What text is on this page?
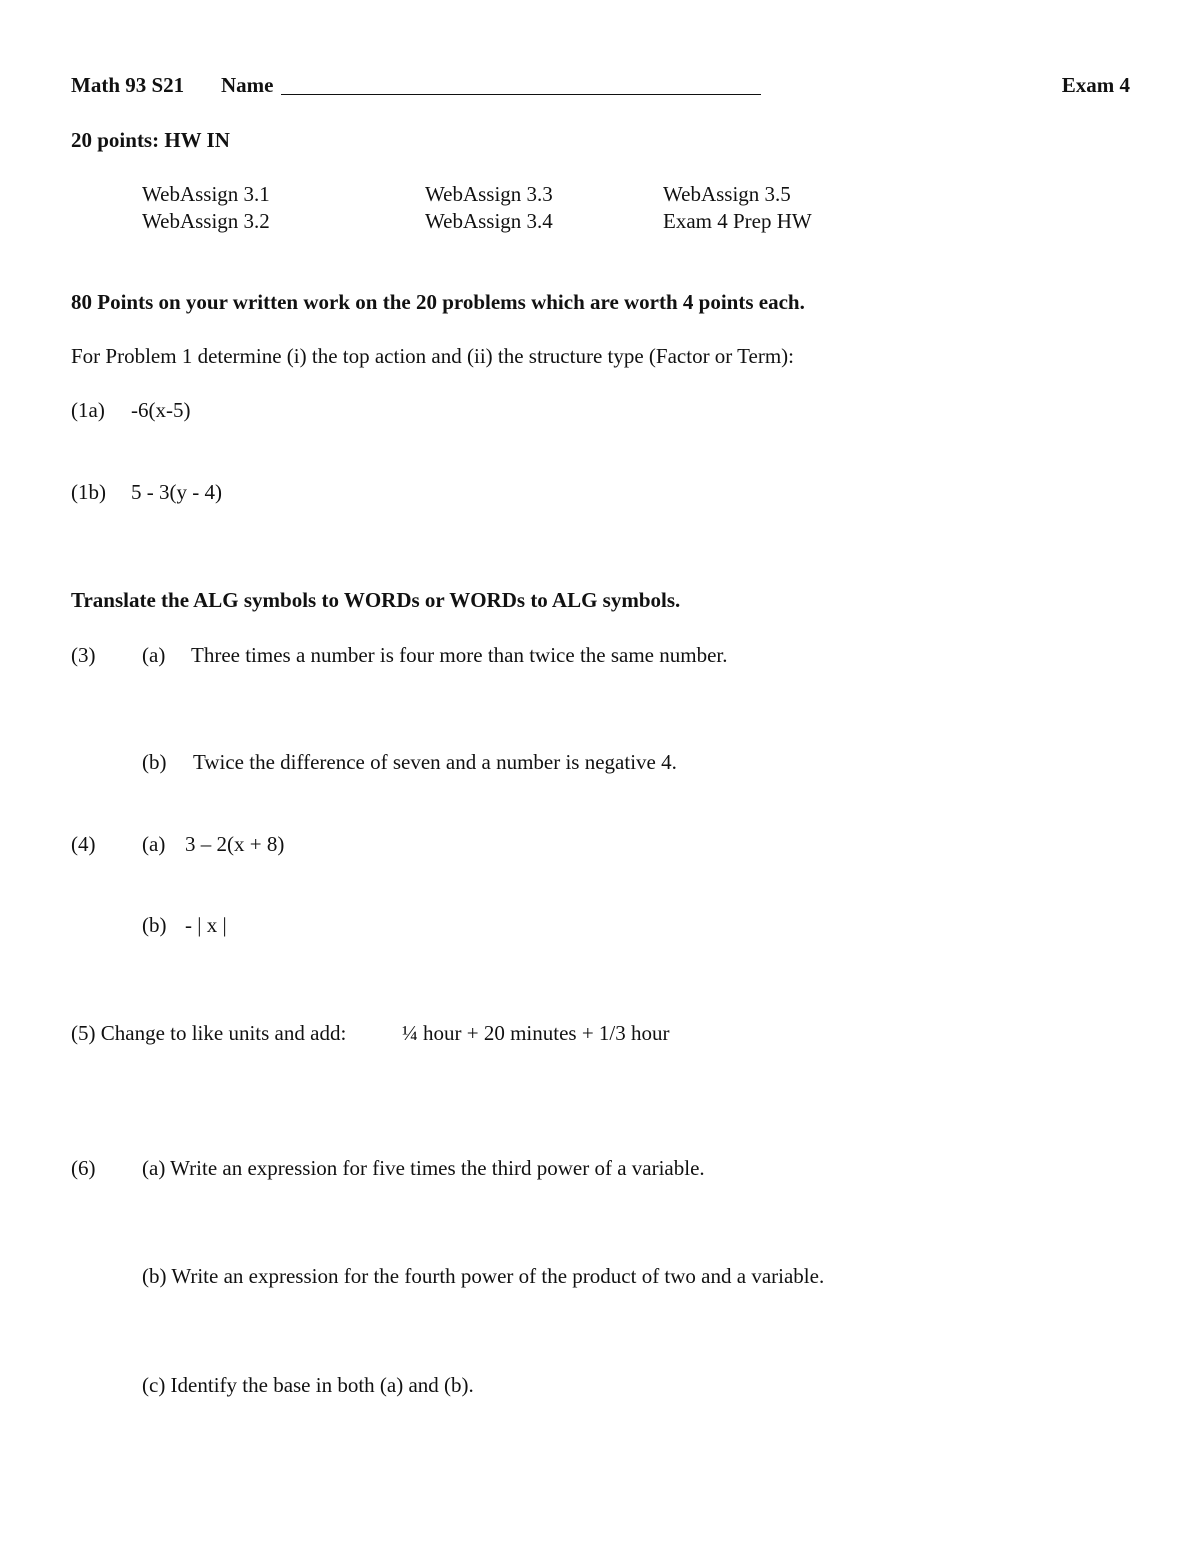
Math 93 S21 Name	Exam 4
20 points: HW IN
WebAssign 3.1
WebAssign 3.2
WebAssign 3.3
WebAssign 3.4
WebAssign 3.5
Exam 4 Prep HW
80 Points on your written work on the 20 problems which are worth 4 points each.
For Problem 1 determine (i) the top action and (ii) the structure type (Factor or Term):
(1a) -6(x-5)
(1b) 5 - 3(y - 4)
Translate the ALG symbols to WORDs or WORDs to ALG symbols.
(3) (a) Three times a number is four more than twice the same number.
(b) Twice the difference of seven and a number is negative 4.
(4) (a) 3 – 2(x + 8)
(b) - | x |
(5) Change to like units and add:	¼ hour + 20 minutes + 1/3 hour
(6) (a) Write an expression for five times the third power of a variable.
(b) Write an expression for the fourth power of the product of two and a variable.
(c) Identify the base in both (a) and (b).
